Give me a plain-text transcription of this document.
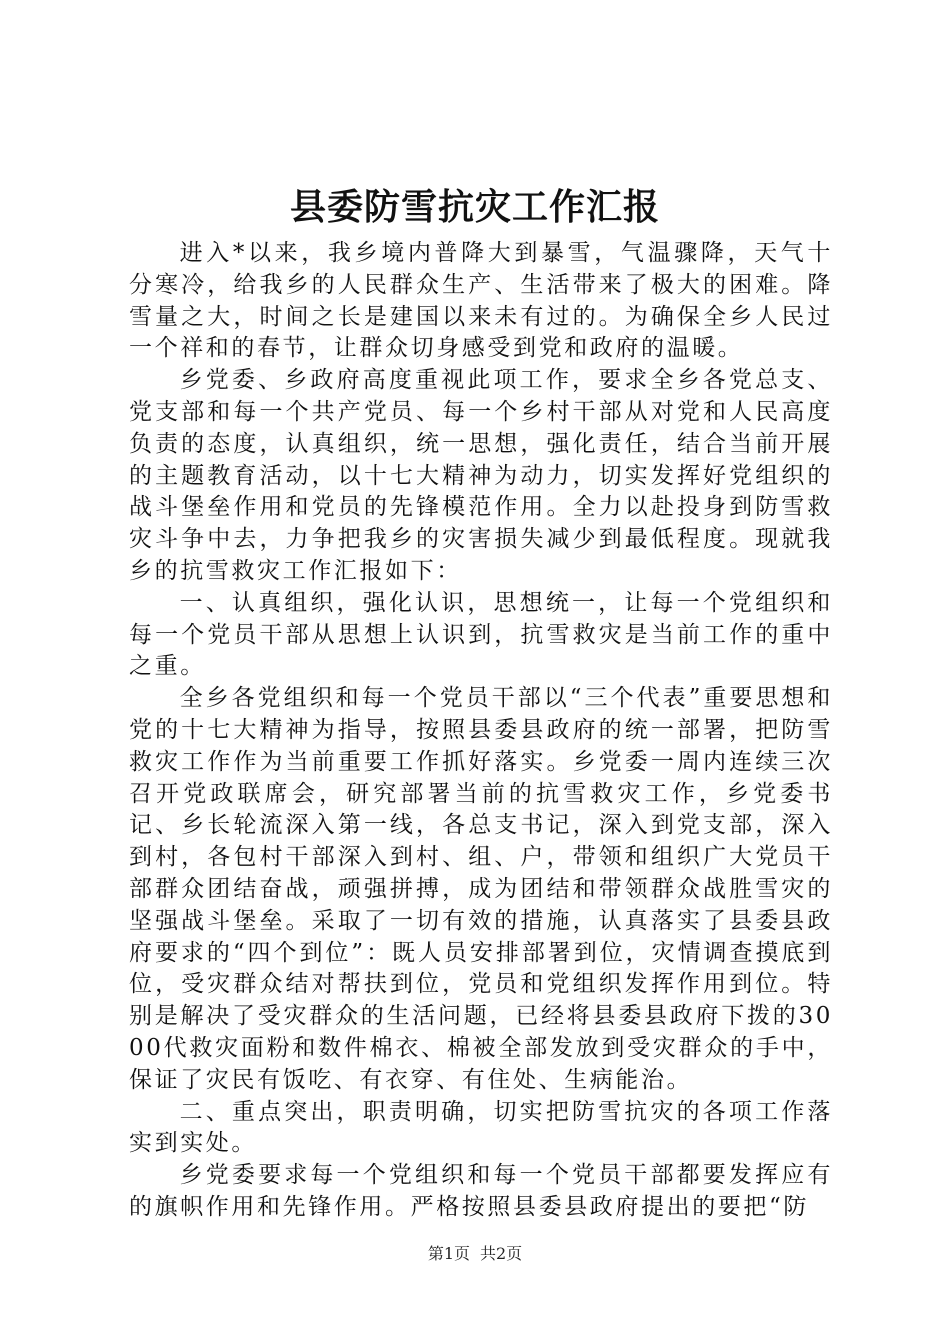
县委防雪抗灾工作汇报

进入*以来，我乡境内普降大到暴雪，气温骤降，天气十分寒冷，给我乡的人民群众生产、生活带来了极大的困难。降雪量之大，时间之长是建国以来未有过的。为确保全乡人民过一个祥和的春节，让群众切身感受到党和政府的温暖。

乡党委、乡政府高度重视此项工作，要求全乡各党总支、党支部和每一个共产党员、每一个乡村干部从对党和人民高度负责的态度，认真组织，统一思想，强化责任，结合当前开展的主题教育活动，以十七大精神为动力，切实发挥好党组织的战斗堡垒作用和党员的先锋模范作用。全力以赴投身到防雪救灾斗争中去，力争把我乡的灾害损失减少到最低程度。现就我乡的抗雪救灾工作汇报如下：

一、认真组织，强化认识，思想统一，让每一个党组织和每一个党员干部从思想上认识到，抗雪救灾是当前工作的重中之重。

全乡各党组织和每一个党员干部以“三个代表”重要思想和党的十七大精神为指导，按照县委县政府的统一部署，把防雪救灾工作作为当前重要工作抓好落实。乡党委一周内连续三次召开党政联席会，研究部署当前的抗雪救灾工作，乡党委书记、乡长轮流深入第一线，各总支书记，深入到党支部，深入到村，各包村干部深入到村、组、户，带领和组织广大党员干部群众团结奋战，顽强拼搏，成为团结和带领群众战胜雪灾的坚强战斗堡垒。采取了一切有效的措施，认真落实了县委县政府要求的“四个到位”：既人员安排部署到位，灾情调查摸底到位，受灾群众结对帮扶到位，党员和党组织发挥作用到位。特别是解决了受灾群众的生活问题，已经将县委县政府下拨的3000代救灾面粉和数件棉衣、棉被全部发放到受灾群众的手中，保证了灾民有饭吃、有衣穿、有住处、生病能治。

二、重点突出，职责明确，切实把防雪抗灾的各项工作落实到实处。

乡党委要求每一个党组织和每一个党员干部都要发挥应有的旗帜作用和先锋作用。严格按照县委县政府提出的要把“防

第1页 共2页
